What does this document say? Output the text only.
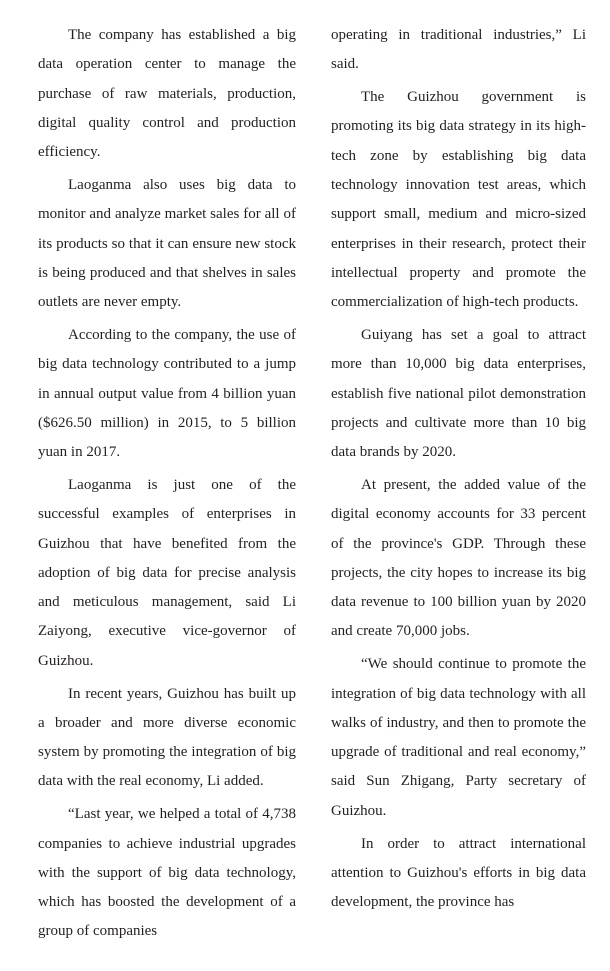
The company has established a big data operation center to manage the purchase of raw materials, production, digital quality control and production efficiency.

Laoganma also uses big data to monitor and analyze market sales for all of its products so that it can ensure new stock is being produced and that shelves in sales outlets are never empty.

According to the company, the use of big data technology contributed to a jump in annual output value from 4 billion yuan ($626.50 million) in 2015, to 5 billion yuan in 2017.

Laoganma is just one of the successful examples of enterprises in Guizhou that have benefited from the adoption of big data for precise analysis and meticulous management, said Li Zaiyong, executive vice-governor of Guizhou.

In recent years, Guizhou has built up a broader and more diverse economic system by promoting the integration of big data with the real economy, Li added.

“Last year, we helped a total of 4,738 companies to achieve industrial upgrades with the support of big data technology, which has boosted the development of a group of companies

operating in traditional industries,” Li said.

The Guizhou government is promoting its big data strategy in its high-tech zone by establishing big data technology innovation test areas, which support small, medium and micro-sized enterprises in their research, protect their intellectual property and promote the commercialization of high-tech products.

Guiyang has set a goal to attract more than 10,000 big data enterprises, establish five national pilot demonstration projects and cultivate more than 10 big data brands by 2020.

At present, the added value of the digital economy accounts for 33 percent of the province's GDP. Through these projects, the city hopes to increase its big data revenue to 100 billion yuan by 2020 and create 70,000 jobs.

“We should continue to promote the integration of big data technology with all walks of industry, and then to promote the upgrade of traditional and real economy,” said Sun Zhigang, Party secretary of Guizhou.

In order to attract international attention to Guizhou's efforts in big data development, the province has
